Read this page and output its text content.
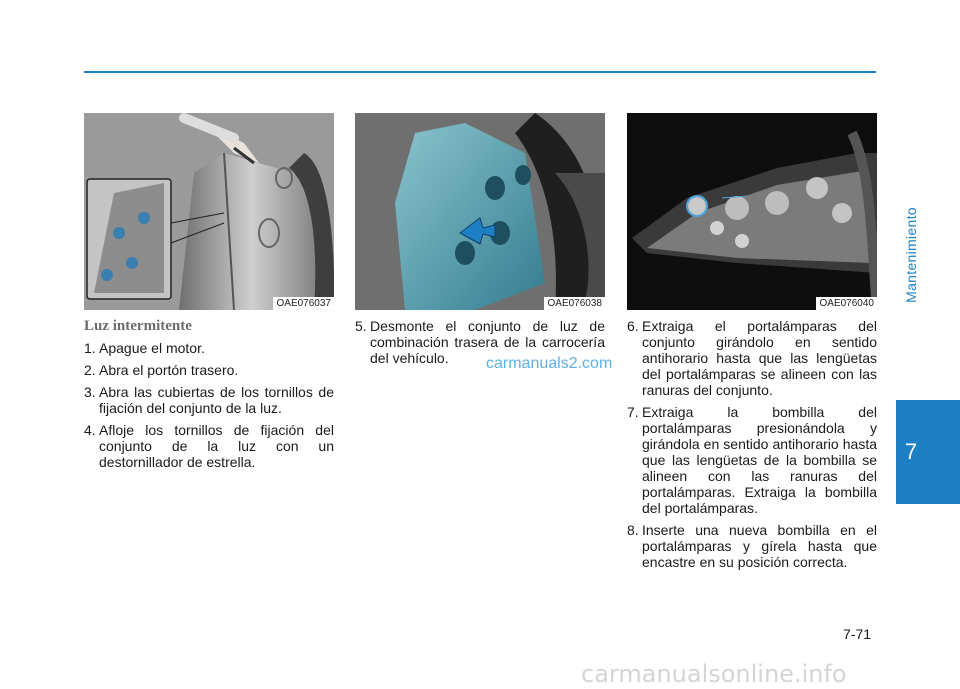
Mantenimiento
7
OAE076037	OAE076038	OAE076040
Luz intermitente
1. Apague el motor.
2. Abra el portón trasero.
3. Abra las cubiertas de los tornillos de fijación del conjunto de la luz.
4. Afloje los tornillos de fijación del conjunto de la luz con un destornillador de estrella.
5. Desmonte el conjunto de luz de combinación trasera de la carrocería del vehículo.
6. Extraiga el portalámparas del conjunto girándolo en sentido antihorario hasta que las lengüetas del portalámparas se alineen con las ranuras del conjunto.
7. Extraiga la bombilla del portalámparas presionándola y girándola en sentido antihorario hasta que las lengüetas de la bombilla se alineen con las ranuras del portalámparas. Extraiga la bombilla del portalámparas.
8. Inserte una nueva bombilla en el portalámparas y gírela hasta que encastre en su posición correcta.
carmanuals2.com
7-71
carmanualsonline.info
